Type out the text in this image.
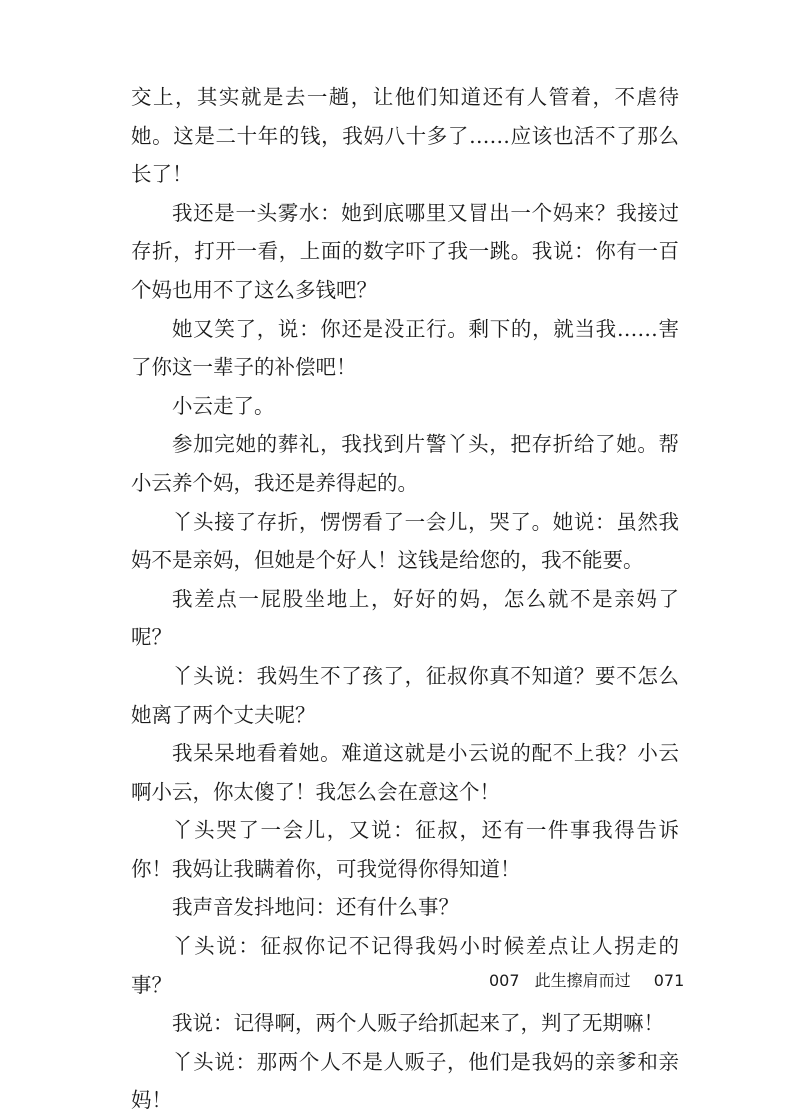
交上，其实就是去一趟，让他们知道还有人管着，不虐待她。这是二十年的钱，我妈八十多了……应该也活不了那么长了！

我还是一头雾水：她到底哪里又冒出一个妈来？我接过存折，打开一看，上面的数字吓了我一跳。我说：你有一百个妈也用不了这么多钱吧？

她又笑了，说：你还是没正行。剩下的，就当我……害了你这一辈子的补偿吧！

小云走了。

参加完她的葬礼，我找到片警丫头，把存折给了她。帮小云养个妈，我还是养得起的。

丫头接了存折，愣愣看了一会儿，哭了。她说：虽然我妈不是亲妈，但她是个好人！这钱是给您的，我不能要。

我差点一屁股坐地上，好好的妈，怎么就不是亲妈了呢？

丫头说：我妈生不了孩了，征叔你真不知道？要不怎么她离了两个丈夫呢？

我呆呆地看着她。难道这就是小云说的配不上我？小云啊小云，你太傻了！我怎么会在意这个！

丫头哭了一会儿，又说：征叔，还有一件事我得告诉你！我妈让我瞒着你，可我觉得你得知道！

我声音发抖地问：还有什么事？

丫头说：征叔你记不记得我妈小时候差点让人拐走的事？

我说：记得啊，两个人贩子给抓起来了，判了无期嘛！

丫头说：那两个人不是人贩子，他们是我妈的亲爹和亲妈！

007 此生擦肩而过 071
